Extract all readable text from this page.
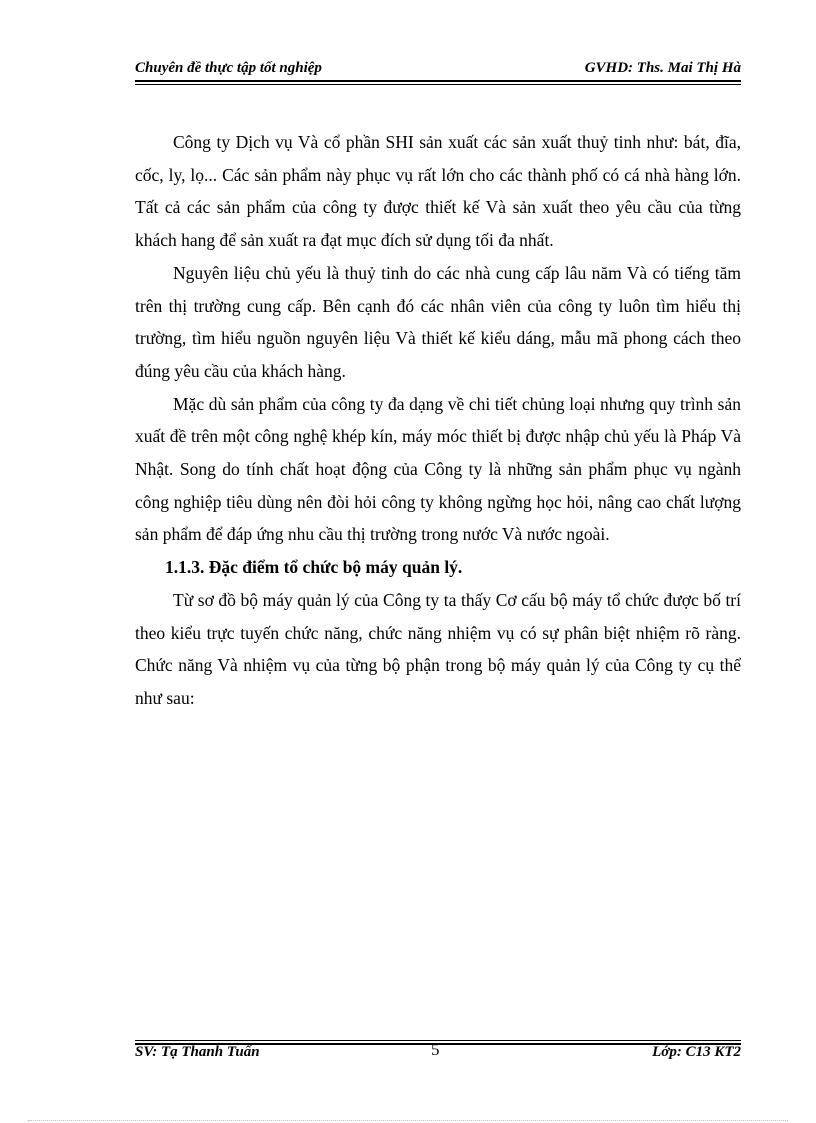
Chuyên đề thực tập tốt nghiệp	GVHD: Ths. Mai Thị Hà

Công ty Dịch vụ Và cổ phần SHI sản xuất các sản xuất thuỷ tinh như: bát, đĩa, cốc, ly, lọ... Các sản phẩm này phục vụ rất lớn cho các thành phố có cá nhà hàng lớn. Tất cả các sản phẩm của công ty được thiết kế Và sản xuất theo yêu cầu của từng khách hang để sản xuất ra đạt mục đích sử dụng tối đa nhất.

Nguyên liệu chủ yếu là thuỷ tinh do các nhà cung cấp lâu năm Và có tiếng tăm trên thị trường cung cấp. Bên cạnh đó các nhân viên của công ty luôn tìm hiểu thị trường, tìm hiểu nguồn nguyên liệu Và thiết kế kiểu dáng, mẫu mã phong cách theo đúng yêu cầu của khách hàng.

Mặc dù sản phẩm của công ty đa dạng về chi tiết chủng loại nhưng quy trình sản xuất đề trên một công nghệ khép kín, máy móc thiết bị được nhập chủ yếu là Pháp Và Nhật. Song do tính chất hoạt động của Công ty là những sản phẩm phục vụ ngành công nghiệp tiêu dùng nên đòi hỏi công ty không ngừng học hỏi, nâng cao chất lượng sản phẩm để đáp ứng nhu cầu thị trường trong nước Và nước ngoài.

1.1.3. Đặc điểm tổ chức bộ máy quản lý.

Từ sơ đồ bộ máy quản lý của Công ty ta thấy Cơ cấu bộ máy tổ chức được bố trí theo kiểu trực tuyến chức năng, chức năng nhiệm vụ có sự phân biệt nhiệm rõ ràng. Chức năng Và nhiệm vụ của từng bộ phận trong bộ máy quản lý của Công ty cụ thể như sau:

SV: Tạ Thanh Tuấn	5	Lớp: C13 KT2
